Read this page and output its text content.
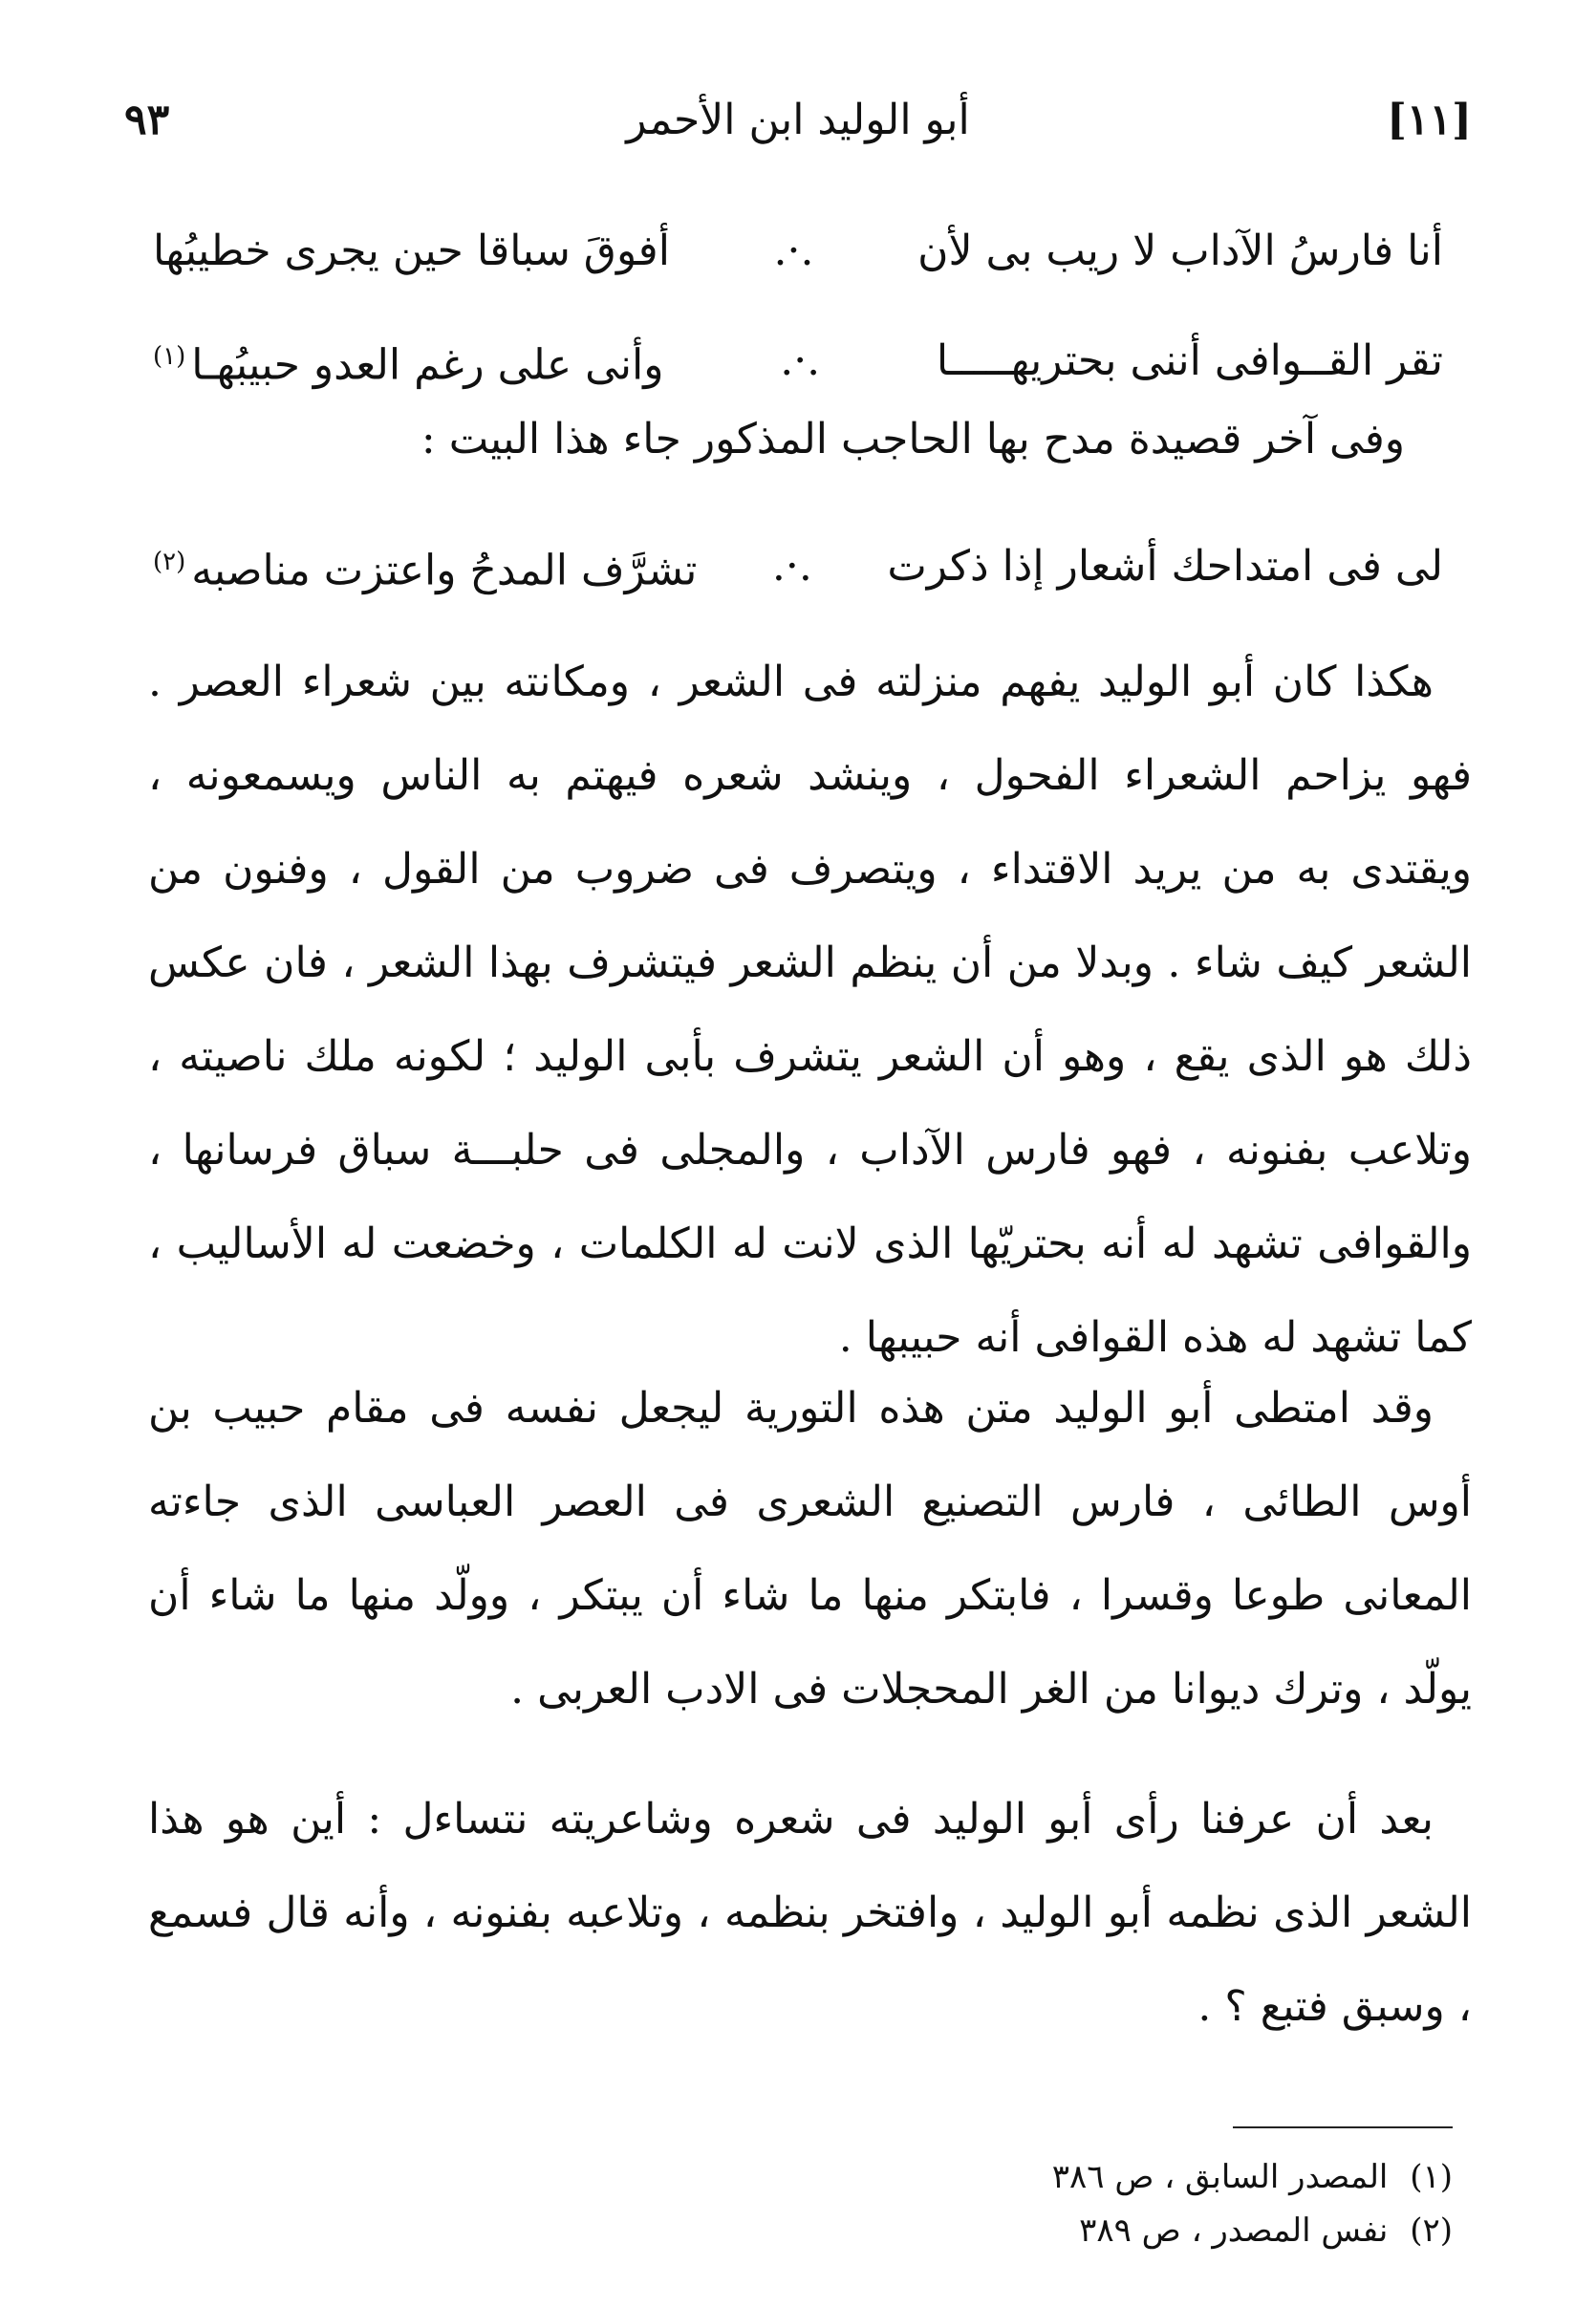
[١١]
أبو الوليد ابن الأحمر
٩٣
أنا فارسُ الآداب لا ريب بى لأن
.·.
أفوقَ سباقا حين يجرى خطيبُها
تقر القــوافى أننى بحتريهـــــا
.·.
وأنى على رغم العدو حبيبُهـا$^{(١)}$
وفى آخر قصيدة مدح بها الحاجب المذكور جاء هذا البيت :
لى فى امتداحك أشعار إذا ذكرت
.·.
تشرَّف المدحُ واعتزت مناصبه$^{(٢)}$

هكذا كان أبو الوليد يفهم منزلته فى الشعر ، ومكانته بين شعراء العصر . فهو يزاحم الشعراء الفحول ، وينشد شعره فيهتم به الناس ويسمعونه ، ويقتدى به من يريد الاقتداء ، ويتصرف فى ضروب من القول ، وفنون من الشعر كيف شاء . وبدلا من أن ينظم الشعر فيتشرف بهذا الشعر ، فان عكس ذلك هو الذى يقع ، وهو أن الشعر يتشرف بأبى الوليد ؛ لكونه ملك ناصيته ، وتلاعب بفنونه ، فهو فارس الآداب ، والمجلى فى حلبـــة سباق فرسانها ، والقوافى تشهد له أنه بحتريّها الذى لانت له الكلمات ، وخضعت له الأساليب ، كما تشهد له هذه القوافى أنه حبيبها .

وقد امتطى أبو الوليد متن هذه التورية ليجعل نفسه فى مقام حبيب بن أوس الطائى ، فارس التصنيع الشعرى فى العصر العباسى الذى جاءته المعانى طوعا وقسرا ، فابتكر منها ما شاء أن يبتكر ، وولّد منها ما شاء أن يولّد ، وترك ديوانا من الغر المحجلات فى الادب العربى .

بعد أن عرفنا رأى أبو الوليد فى شعره وشاعريته نتساءل : أين هو هذا الشعر الذى نظمه أبو الوليد ، وافتخر بنظمه ، وتلاعبه بفنونه ، وأنه قال فسمع ، وسبق فتبع ؟ .

(١) المصدر السابق ، ص ٣٨٦
(٢) نفس المصدر ، ص ٣٨٩
